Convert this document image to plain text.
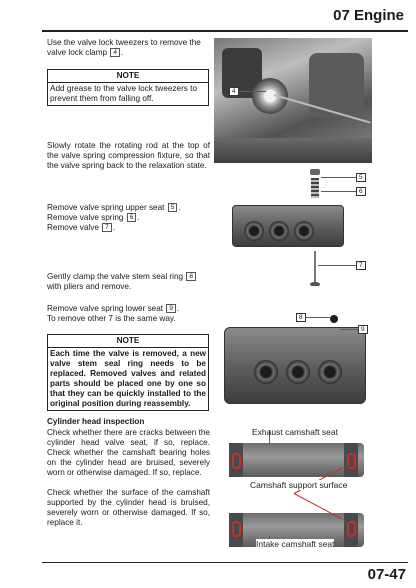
07 Engine
Use the valve lock tweezers to remove the valve lock clamp 4 .
NOTE
Add grease to the valve lock tweezers to prevent them from falling off.
Slowly rotate the rotating rod at the top of the valve spring compression fixture, so that the valve spring back to the relaxation state.
Remove valve spring upper seat 5 .
Remove valve spring 6 .
Remove valve 7 .
Gently clamp the valve stem seal ring 8 with pliers and remove.
Remove valve spring lower seat 9 .
To remove other 7 is the same way.
NOTE
Each time the valve is removed, a new valve stem seal ring needs to be replaced. Removed valves and related parts should be placed one by one so that they can be quickly installed to the original position during reassembly.
Cylinder head inspection
Check whether there are cracks between the cylinder head valve seat, if so, replace. Check whether the camshaft bearing holes on the cylinder head are bruised, severely worn or otherwise damaged. If so, replace.
Check whether the surface of the camshaft supported by the cylinder head is bruised, severely worn or otherwise damaged. If so, replace it.
4
5
6
7
8
9
Exhaust camshaft seat
Camshaft support surface
Intake camshaft seat
07-47
